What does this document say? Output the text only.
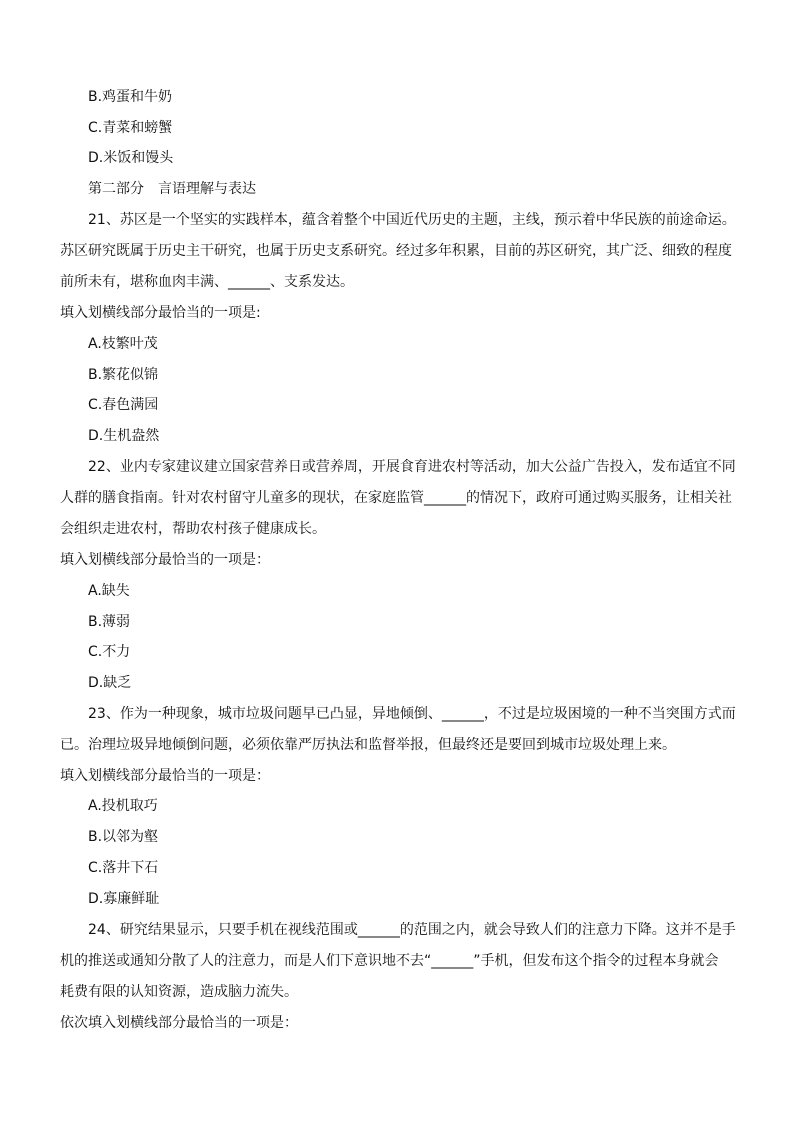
B.鸡蛋和牛奶
C.青菜和螃蟹
D.米饭和馒头
第二部分　言语理解与表达
21、苏区是一个坚实的实践样本，蕴含着整个中国近代历史的主题，主线，预示着中华民族的前途命运。
苏区研究既属于历史主干研究，也属于历史支系研究。经过多年积累，目前的苏区研究，其广泛、细致的程度
前所未有，堪称血肉丰满、______、支系发达。
填入划横线部分最恰当的一项是:
A.枝繁叶茂
B.繁花似锦
C.春色满园
D.生机盎然
22、业内专家建议建立国家营养日或营养周，开展食育进农村等活动，加大公益广告投入，发布适宜不同
人群的膳食指南。针对农村留守儿童多的现状，在家庭监管______的情况下，政府可通过购买服务，让相关社
会组织走进农村，帮助农村孩子健康成长。
填入划横线部分最恰当的一项是：
A.缺失
B.薄弱
C.不力
D.缺乏
23、作为一种现象，城市垃圾问题早已凸显，异地倾倒、______，不过是垃圾困境的一种不当突围方式而
已。治理垃圾异地倾倒问题，必须依靠严厉执法和监督举报，但最终还是要回到城市垃圾处理上来。
填入划横线部分最恰当的一项是：
A.投机取巧
B.以邻为壑
C.落井下石
D.寡廉鲜耻
24、研究结果显示，只要手机在视线范围或______的范围之内，就会导致人们的注意力下降。这并不是手
机的推送或通知分散了人的注意力，而是人们下意识地不去“______”手机，但发布这个指令的过程本身就会
耗费有限的认知资源，造成脑力流失。
依次填入划横线部分最恰当的一项是：
